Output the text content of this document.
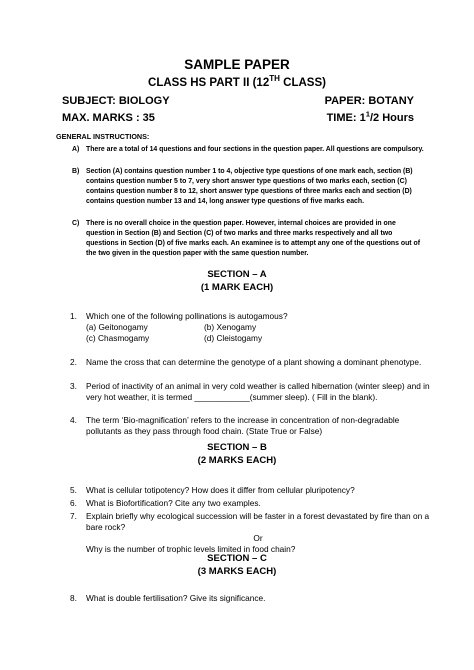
SAMPLE PAPER
CLASS HS PART II (12TH CLASS)
SUBJECT: BIOLOGY	PAPER: BOTANY
MAX. MARKS : 35	TIME: $1^1/2$ Hours
GENERAL INSTRUCTIONS:
A) There are a total of 14 questions and four sections in the question paper. All questions are compulsory.
B) Section (A) contains question number 1 to 4, objective type questions of one mark each, section (B) contains question number 5 to 7, very short answer type questions of two marks each, section (C) contains question number 8 to 12, short answer type questions of three marks each and section (D) contains question number 13 and 14, long answer type questions of five marks each.
C) There is no overall choice in the question paper. However, internal choices are provided in one question in Section (B) and Section (C) of two marks and three marks respectively and all two questions in Section (D) of five marks each. An examinee is to attempt any one of the questions out of the two given in the question paper with the same question number.
SECTION – A
(1 MARK EACH)
1. Which one of the following pollinations is autogamous?
(a) Geitonogamy	(b) Xenogamy
(c) Chasmogamy	(d) Cleistogamy
2. Name the cross that can determine the genotype of a plant showing a dominant phenotype.
3. Period of inactivity of an animal in very cold weather is called hibernation (winter sleep) and in very hot weather, it is termed ____________(summer sleep). ( Fill in the blank).
4. The term ‘Bio-magnification’ refers to the increase in concentration of non-degradable pollutants as they pass through food chain. (State True or False)
SECTION – B
(2 MARKS EACH)
5. What is cellular totipotency? How does it differ from cellular pluripotency?
6. What is Biofortification? Cite any two examples.
7. Explain briefly why ecological succession will be faster in a forest devastated by fire than on a bare rock?
Or
Why is the number of trophic levels limited in food chain?
SECTION – C
(3 MARKS EACH)
8. What is double fertilisation? Give its significance.
